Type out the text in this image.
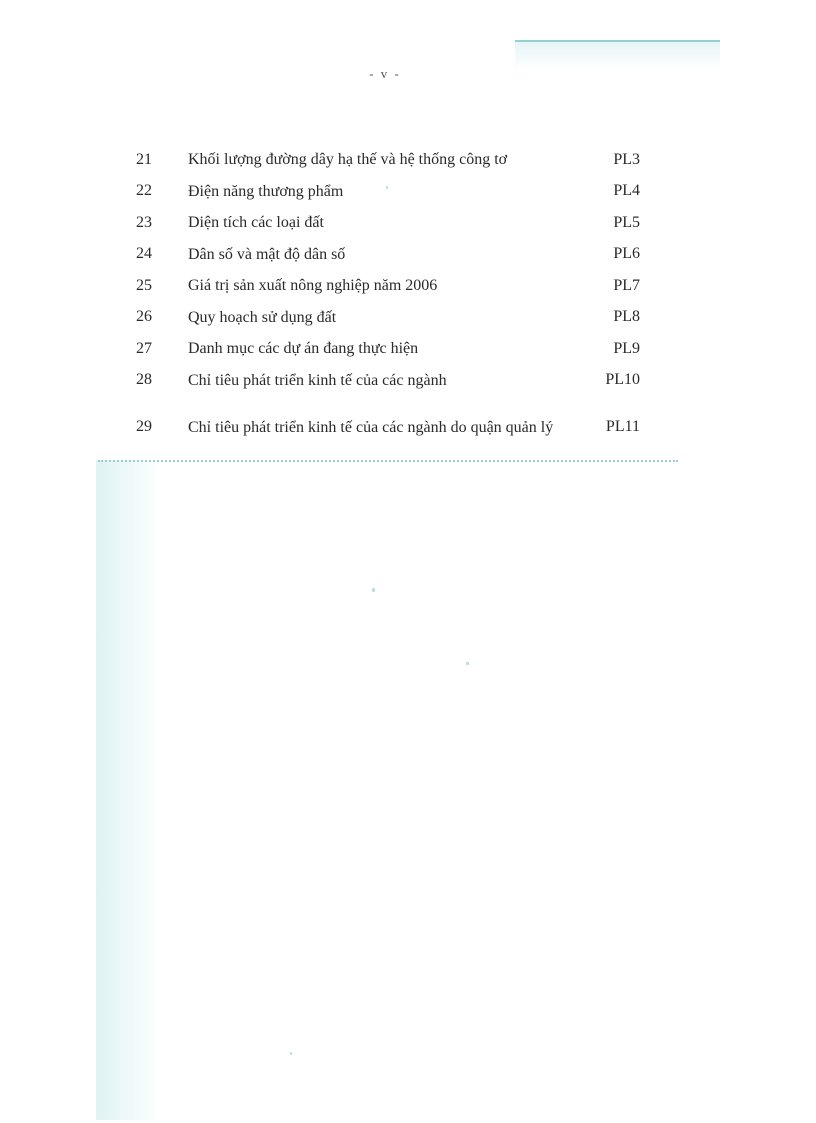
- v -
21	Khối lượng đường dây hạ thế và hệ thống công tơ	PL3
22	Điện năng thương phẩm	PL4
23	Diện tích các loại đất	PL5
24	Dân số và mật độ dân số	PL6
25	Giá trị sản xuất nông nghiệp năm 2006	PL7
26	Quy hoạch sử dụng đất	PL8
27	Danh mục các dự án đang thực hiện	PL9
28	Chỉ tiêu phát triển kinh tế của các ngành	PL10
29	Chỉ tiêu phát triển kinh tế của các ngành do quận quản lý	PL11
